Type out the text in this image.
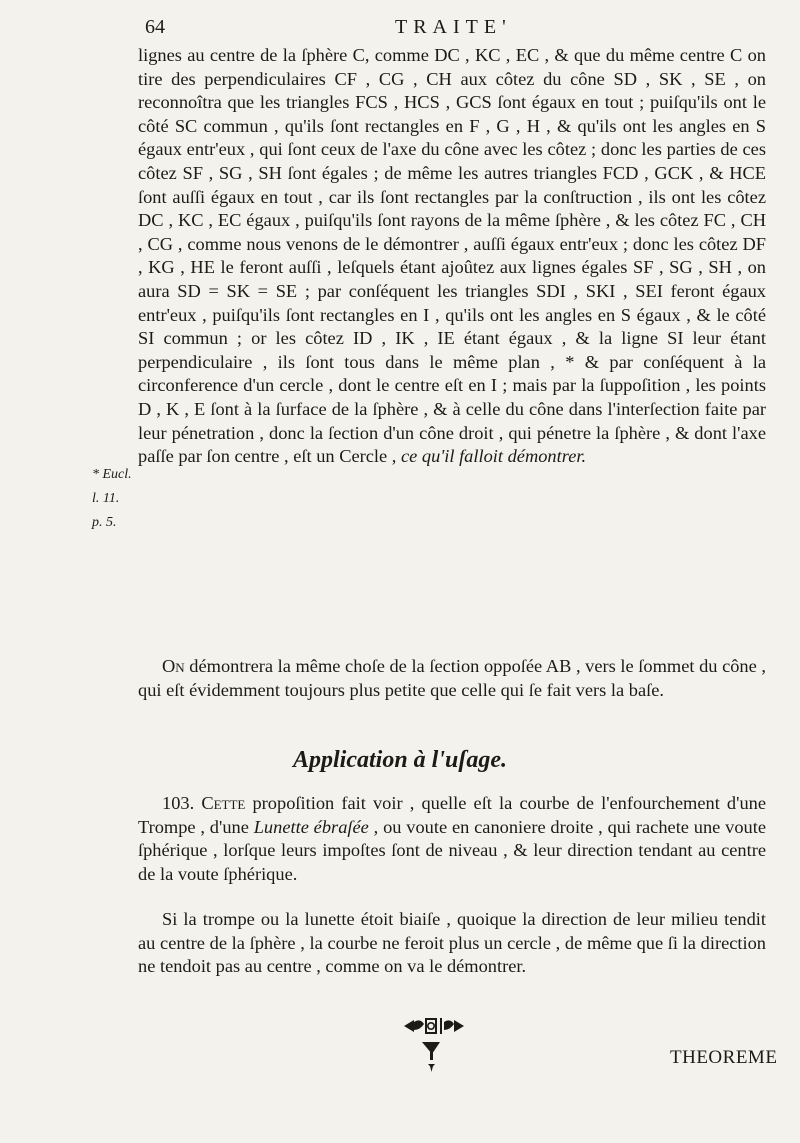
64	TRAITE'

lignes au centre de la ſphère C, comme DC , KC , EC , & que du même centre C on tire des perpendiculaires CF , CG , CH aux côtez du cône SD , SK , SE , on reconnoîtra que les triangles FCS , HCS , GCS ſont égaux en tout ; puiſqu'ils ont le côté SC commun , qu'ils ſont rectangles en F , G , H , & qu'ils ont les angles en S égaux entr'eux , qui ſont ceux de l'axe du cône avec les côtez ; donc les parties de ces côtez SF , SG , SH ſont égales ; de même les autres triangles FCD , GCK , & HCE ſont auſſi égaux en tout , car ils ſont rectangles par la conſtruction , ils ont les côtez DC , KC , EC égaux , puiſqu'ils ſont rayons de la même ſphère , & les côtez FC , CH , CG , comme nous venons de le démontrer , auſſi égaux entr'eux ; donc les côtez DF , KG , HE le feront auſſi , leſquels étant ajoûtez aux lignes égales SF , SG , SH , on aura SD = SK = SE ; par conſéquent les triangles SDI , SKI , SEI feront égaux entr'eux , puiſqu'ils ſont rectangles en I , qu'ils ont les angles en S égaux , & le côté SI commun ; or les côtez ID , IK , IE étant égaux , & la ligne SI leur étant perpendiculaire , ils ſont tous dans le même plan , * & par conſéquent à la circonference d'un cercle , dont le centre eſt en I ; mais par la ſuppoſition , les points D , K , E ſont à la ſurface de la ſphère , & à celle du cône dans l'interſection faite par leur pénetration , donc la ſection d'un cône droit , qui pénetre la ſphère , & dont l'axe paſſe par ſon centre , eſt un Cercle , ce qu'il falloit démontrer.

* Eucl. l. 11.
p. 5.

On démontrera la même choſe de la ſection oppoſée AB , vers le ſommet du cône , qui eſt évidemment toujours plus petite que celle qui ſe fait vers la baſe.

Application à l'uſage.

103. Cette propoſition fait voir , quelle eſt la courbe de l'enfourchement d'une Trompe , d'une Lunette ébraſée , ou voute en canoniere droite , qui rachete une voute ſphérique , lorſque leurs impoſtes ſont de niveau , & leur direction tendant au centre de la voute ſphérique.

Si la trompe ou la lunette étoit biaiſe , quoique la direction de leur milieu tendit au centre de la ſphère , la courbe ne feroit plus un cercle , de même que ſi la direction ne tendoit pas au centre , comme on va le démontrer.

THEOREME
